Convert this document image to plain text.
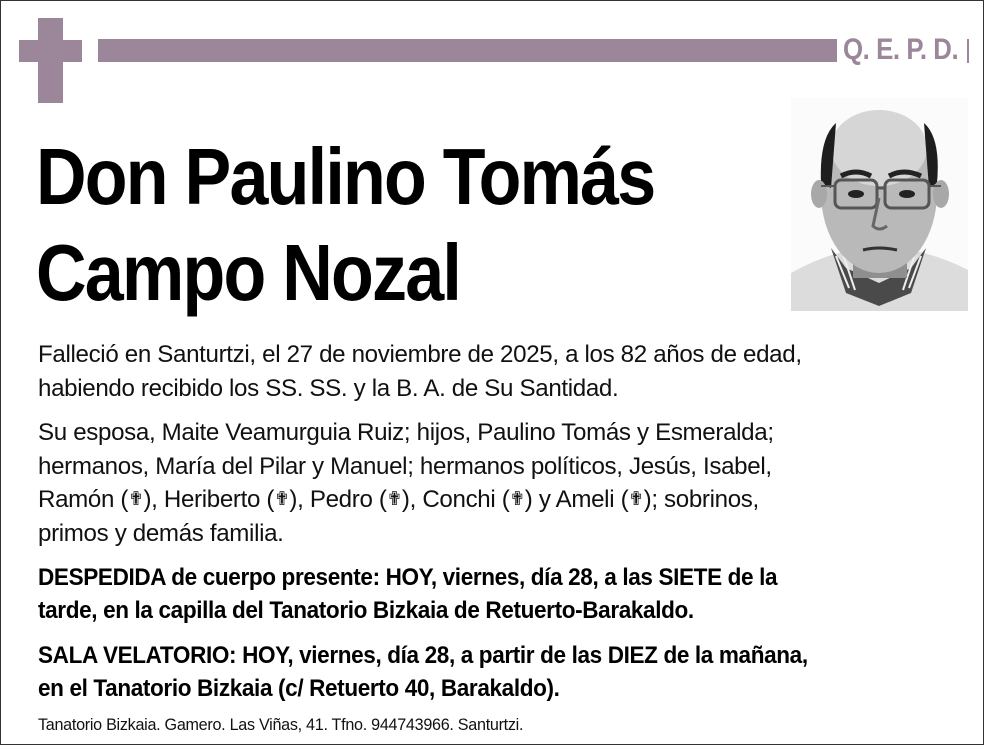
Q. E. P. D.
Don Paulino Tomás
Campo Nozal
Falleció en Santurtzi, el 27 de noviembre de 2025, a los 82 años de edad,
habiendo recibido los SS. SS. y la B. A. de Su Santidad.
Su esposa, Maite Veamurguia Ruiz; hijos, Paulino Tomás y Esmeralda;
hermanos, María del Pilar y Manuel; hermanos políticos, Jesús, Isabel,
Ramón (✟), Heriberto (✟), Pedro (✟), Conchi (✟) y Ameli (✟); sobrinos,
primos y demás familia.
DESPEDIDA de cuerpo presente: HOY, viernes, día 28, a las SIETE de la
tarde, en la capilla del Tanatorio Bizkaia de Retuerto-Barakaldo.
SALA VELATORIO: HOY, viernes, día 28, a partir de las DIEZ de la mañana,
en el Tanatorio Bizkaia (c/ Retuerto 40, Barakaldo).
Tanatorio Bizkaia. Gamero. Las Viñas, 41. Tfno. 944743966. Santurtzi.
